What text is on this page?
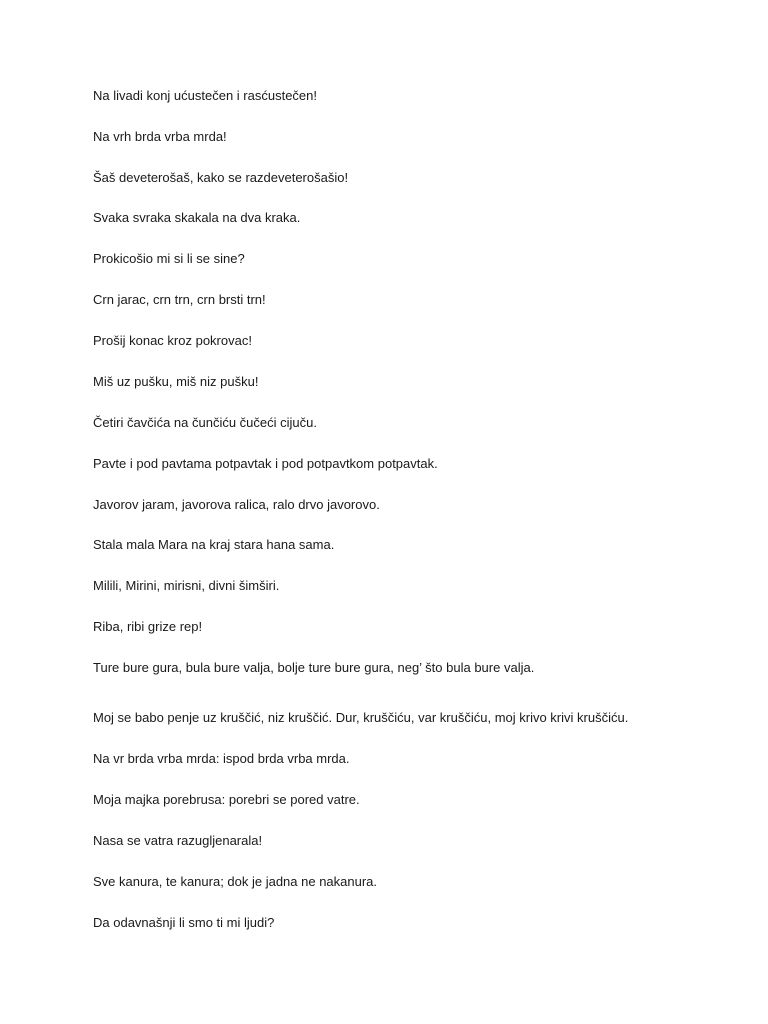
Na livadi konj ućustečen i rasćustečen!
Na vrh brda vrba mrda!
Šaš deveterošaš, kako se razdeveterošašio!
Svaka svraka skakala na dva kraka.
Prokicošio mi si li se sine?
Crn jarac, crn trn, crn brsti trn!
Prošij konac kroz pokrovac!
Miš uz pušku, miš niz pušku!
Četiri čavčića na čunčiću čučeći cijuču.
Pavte i pod pavtama potpavtak i pod potpavtkom potpavtak.
Javorov jaram, javorova ralica, ralo drvo javorovo.
Stala mala Mara na kraj stara hana sama.
Milili, Mirini, mirisni, divni šimširi.
Riba, ribi grize rep!
Ture bure gura, bula bure valja, bolje ture bure gura, neg’ što bula bure valja.
Moj se babo penje uz kruščić, niz kruščić. Dur, kruščiću, var kruščiću, moj krivo krivi kruščiću.
Na vr brda vrba mrda: ispod brda vrba mrda.
Moja majka porebrusa: porebri se pored vatre.
Nasa se vatra razugljenarala!
Sve kanura, te kanura; dok je jadna ne nakanura.
Da odavnašnji li smo ti mi ljudi?
